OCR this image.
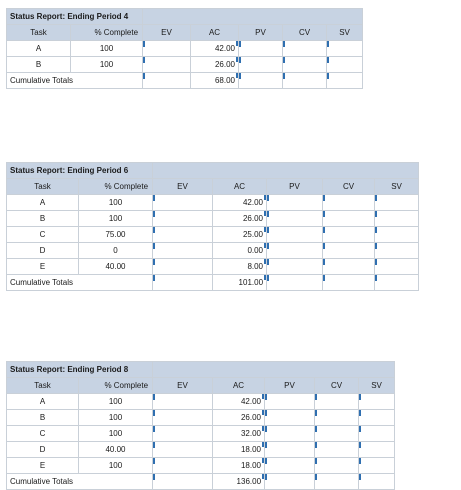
Status Report: Ending Period 4						
Task	% Complete	EV	AC	PV	CV	SV
A	100		42.00			
B	100		26.00			
Cumulative Totals			68.00			
Status Report: Ending Period 6						
Task	% Complete	EV	AC	PV	CV	SV
A	100		42.00			
B	100		26.00			
C	75.00		25.00			
D	0		0.00			
E	40.00		8.00			
Cumulative Totals			101.00			
Status Report: Ending Period 8						
Task	% Complete	EV	AC	PV	CV	SV
A	100		42.00			
B	100		26.00			
C	100		32.00			
D	40.00		18.00			
E	100		18.00			
Cumulative Totals			136.00			
